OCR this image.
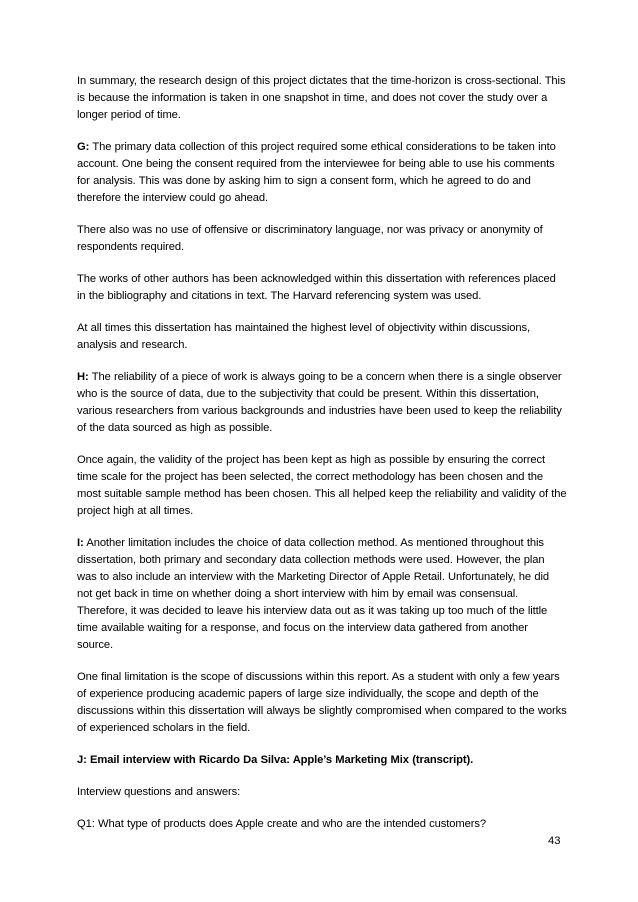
In summary, the research design of this project dictates that the time-horizon is cross-sectional. This is because the information is taken in one snapshot in time, and does not cover the study over a longer period of time.

G: The primary data collection of this project required some ethical considerations to be taken into account. One being the consent required from the interviewee for being able to use his comments for analysis. This was done by asking him to sign a consent form, which he agreed to do and therefore the interview could go ahead.

There also was no use of offensive or discriminatory language, nor was privacy or anonymity of respondents required.

The works of other authors has been acknowledged within this dissertation with references placed in the bibliography and citations in text. The Harvard referencing system was used.

At all times this dissertation has maintained the highest level of objectivity within discussions, analysis and research.

H: The reliability of a piece of work is always going to be a concern when there is a single observer who is the source of data, due to the subjectivity that could be present. Within this dissertation, various researchers from various backgrounds and industries have been used to keep the reliability of the data sourced as high as possible.

Once again, the validity of the project has been kept as high as possible by ensuring the correct time scale for the project has been selected, the correct methodology has been chosen and the most suitable sample method has been chosen. This all helped keep the reliability and validity of the project high at all times.

I: Another limitation includes the choice of data collection method. As mentioned throughout this dissertation, both primary and secondary data collection methods were used. However, the plan was to also include an interview with the Marketing Director of Apple Retail. Unfortunately, he did not get back in time on whether doing a short interview with him by email was consensual. Therefore, it was decided to leave his interview data out as it was taking up too much of the little time available waiting for a response, and focus on the interview data gathered from another source.

One final limitation is the scope of discussions within this report. As a student with only a few years of experience producing academic papers of large size individually, the scope and depth of the discussions within this dissertation will always be slightly compromised when compared to the works of experienced scholars in the field.

J: Email interview with Ricardo Da Silva: Apple’s Marketing Mix (transcript).

Interview questions and answers:

Q1: What type of products does Apple create and who are the intended customers?

43
